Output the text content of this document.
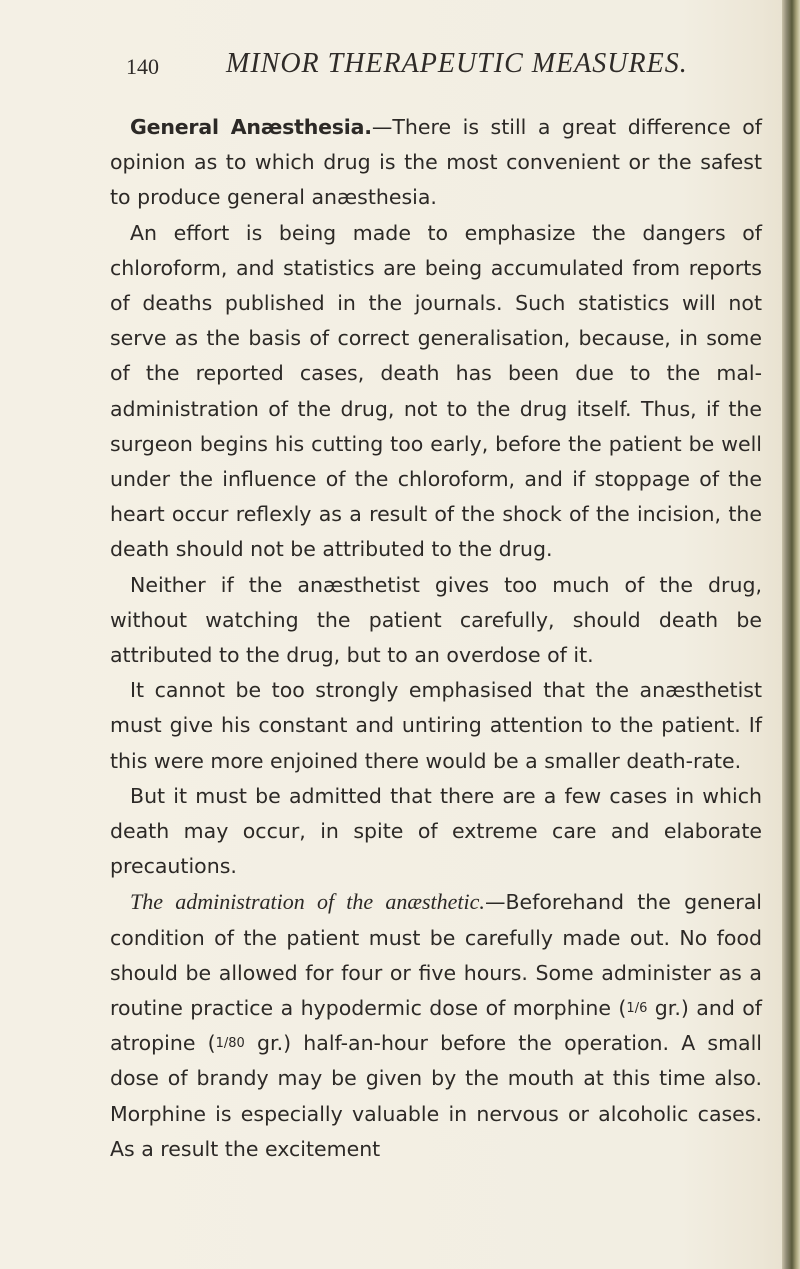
140 MINOR THERAPEUTIC MEASURES.

General Anæsthesia.—There is still a great difference of opinion as to which drug is the most convenient or the safest to produce general anæsthesia.

An effort is being made to emphasize the dangers of chloroform, and statistics are being accumulated from reports of deaths published in the journals. Such statistics will not serve as the basis of correct generalisation, because, in some of the reported cases, death has been due to the mal-administration of the drug, not to the drug itself. Thus, if the surgeon begins his cutting too early, before the patient be well under the influence of the chloroform, and if stoppage of the heart occur reflexly as a result of the shock of the incision, the death should not be attributed to the drug.

Neither if the anæsthetist gives too much of the drug, without watching the patient carefully, should death be attributed to the drug, but to an overdose of it.

It cannot be too strongly emphasised that the anæsthetist must give his constant and untiring attention to the patient. If this were more enjoined there would be a smaller death-rate.

But it must be admitted that there are a few cases in which death may occur, in spite of extreme care and elaborate precautions.

The administration of the anæsthetic.—Beforehand the general condition of the patient must be carefully made out. No food should be allowed for four or five hours. Some administer as a routine practice a hypodermic dose of morphine (1/6 gr.) and of atropine (1/80 gr.) half-an-hour before the operation. A small dose of brandy may be given by the mouth at this time also. Morphine is especially valuable in nervous or alcoholic cases. As a result the excitement
